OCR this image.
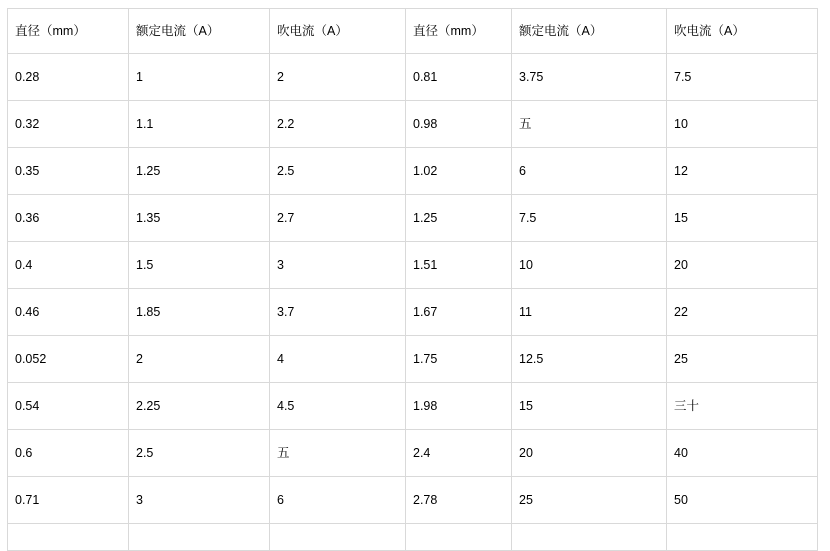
直径（mm）	额定电流（A）	吹电流（A）	直径（mm）	额定电流（A）	吹电流（A）
0.28	1	2	0.81	3.75	7.5
0.32	1.1	2.2	0.98	五	10
0.35	1.25	2.5	1.02	6	12
0.36	1.35	2.7	1.25	7.5	15
0.4	1.5	3	1.51	10	20
0.46	1.85	3.7	1.67	11	22
0.052	2	4	1.75	12.5	25
0.54	2.25	4.5	1.98	15	三十
0.6	2.5	五	2.4	20	40
0.71	3	6	2.78	25	50
